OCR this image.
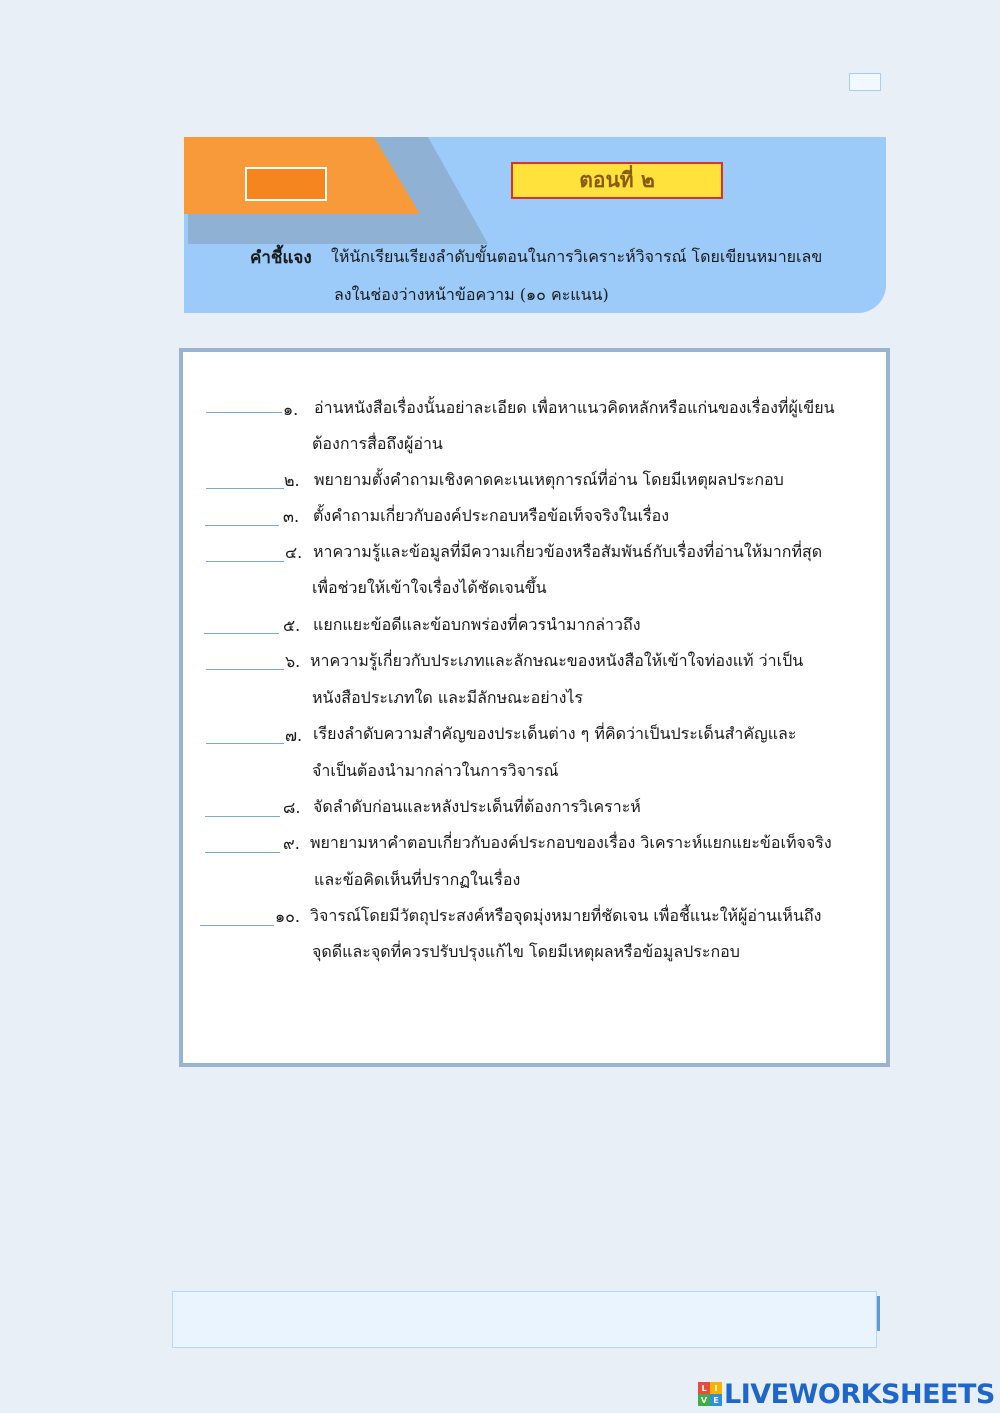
ตอนที่ ๒
คำชี้แจง ให้นักเรียนเรียงลำดับขั้นตอนในการวิเคราะห์วิจารณ์ โดยเขียนหมายเลข
ลงในช่องว่างหน้าข้อความ (๑๐ คะแนน)
๑. อ่านหนังสือเรื่องนั้นอย่าละเอียด เพื่อหาแนวคิดหลักหรือแก่นของเรื่องที่ผู้เขียน
ต้องการสื่อถึงผู้อ่าน
๒. พยายามตั้งคำถามเชิงคาดคะเนเหตุการณ์ที่อ่าน โดยมีเหตุผลประกอบ
๓. ตั้งคำถามเกี่ยวกับองค์ประกอบหรือข้อเท็จจริงในเรื่อง
๔. หาความรู้และข้อมูลที่มีความเกี่ยวข้องหรือสัมพันธ์กับเรื่องที่อ่านให้มากที่สุด
เพื่อช่วยให้เข้าใจเรื่องได้ชัดเจนขึ้น
๕. แยกแยะข้อดีและข้อบกพร่องที่ควรนำมากล่าวถึง
๖. หาความรู้เกี่ยวกับประเภทและลักษณะของหนังสือให้เข้าใจท่องแท้ ว่าเป็น
หนังสือประเภทใด และมีลักษณะอย่างไร
๗. เรียงลำดับความสำคัญของประเด็นต่าง ๆ ที่คิดว่าเป็นประเด็นสำคัญและ
จำเป็นต้องนำมากล่าวในการวิจารณ์
๘. จัดลำดับก่อนและหลังประเด็นที่ต้องการวิเคราะห์
๙. พยายามหาคำตอบเกี่ยวกับองค์ประกอบของเรื่อง วิเคราะห์แยกแยะข้อเท็จจริง
และข้อคิดเห็นที่ปรากฏในเรื่อง
๑๐. วิจารณ์โดยมีวัตถุประสงค์หรือจุดมุ่งหมายที่ชัดเจน เพื่อชี้แนะให้ผู้อ่านเห็นถึง
จุดดีและจุดที่ควรปรับปรุงแก้ไข โดยมีเหตุผลหรือข้อมูลประกอบ
L I
V E LIVEWORKSHEETS
